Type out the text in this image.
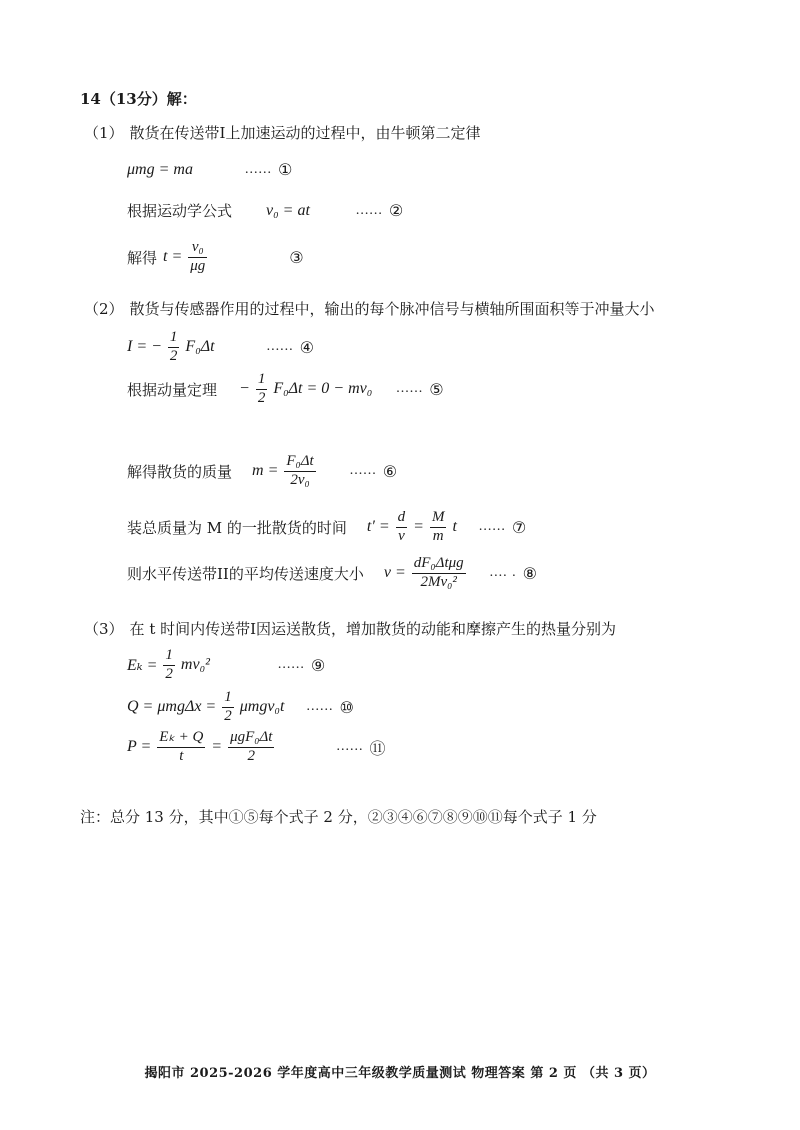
14（13分）解：
（1） 散货在传送带I上加速运动的过程中，由牛顿第二定律
μmg = ma	...... ①
根据运动学公式 v₀ = at	...... ②
解得 $t = \frac{\text{v₀}}{\mu g}$	③
（2） 散货与传感器作用的过程中，输出的每个脉冲信号与横轴所围面积等于冲量大小
I = − $\frac{1}{2} F_0\Delta t$	...... ④
根据动量定理 − $\frac{1}{2} F_0\Delta t = 0 - mv_0$ ...... ⑤
解得散货的质量 $m = \frac{\text{F₀Δt}}{\text{2v₀}}$ ...... ⑥
装总质量为 M 的一批散货的时间 $t' = \frac{d}{v} = \frac{M}{m}$ t ...... ⑦
则水平传送带II的平均传送速度大小 $v = \frac{\text{dF₀Δtμg}}{\text{2Mv₀²}}$ .... . ⑧
（3） 在 t 时间内传送带I因运送散货，增加散货的动能和摩擦产生的热量分别为
$E_k = \frac{1}{2} mv_0^2$	...... ⑨
$Q = \mu mg\Delta x = \frac{1}{2} \mu mgv_0t$ ...... ⑩
$P = \frac{\text{Eₖ + Q}}{t} = \frac{\text{μgF₀Δt}}{2}$	...... ⑪
注：总分 13 分，其中①⑤每个式子 2 分，②③④⑥⑦⑧⑨⑩⑪每个式子 1 分
揭阳市 2025-2026 学年度高中三年级教学质量测试 物理答案 第 2 页 （共 3 页）
